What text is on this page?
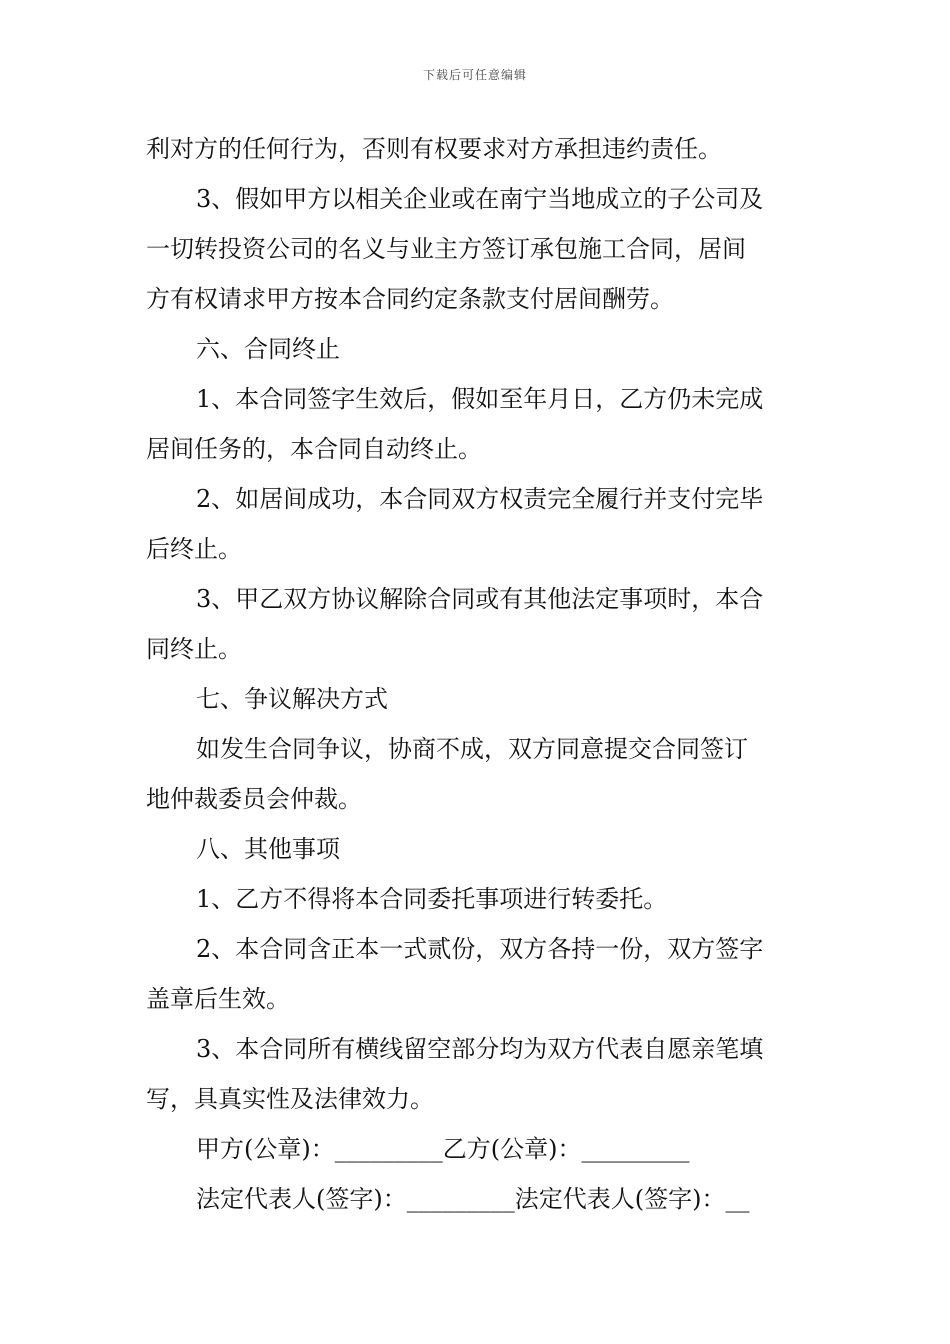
下载后可任意编辑
利对方的任何行为，否则有权要求对方承担违约责任。
3、假如甲方以相关企业或在南宁当地成立的子公司及
一切转投资公司的名义与业主方签订承包施工合同，居间
方有权请求甲方按本合同约定条款支付居间酬劳。
六、合同终止
1、本合同签字生效后，假如至年月日，乙方仍未完成
居间任务的，本合同自动终止。
2、如居间成功，本合同双方权责完全履行并支付完毕
后终止。
3、甲乙双方协议解除合同或有其他法定事项时，本合
同终止。
七、争议解决方式
如发生合同争议，协商不成，双方同意提交合同签订
地仲裁委员会仲裁。
八、其他事项
1、乙方不得将本合同委托事项进行转委托。
2、本合同含正本一式贰份，双方各持一份，双方签字
盖章后生效。
3、本合同所有横线留空部分均为双方代表自愿亲笔填
写，具真实性及法律效力。
甲方(公章)：_________乙方(公章)：_________
法定代表人(签字)：_________法定代表人(签字)：__
